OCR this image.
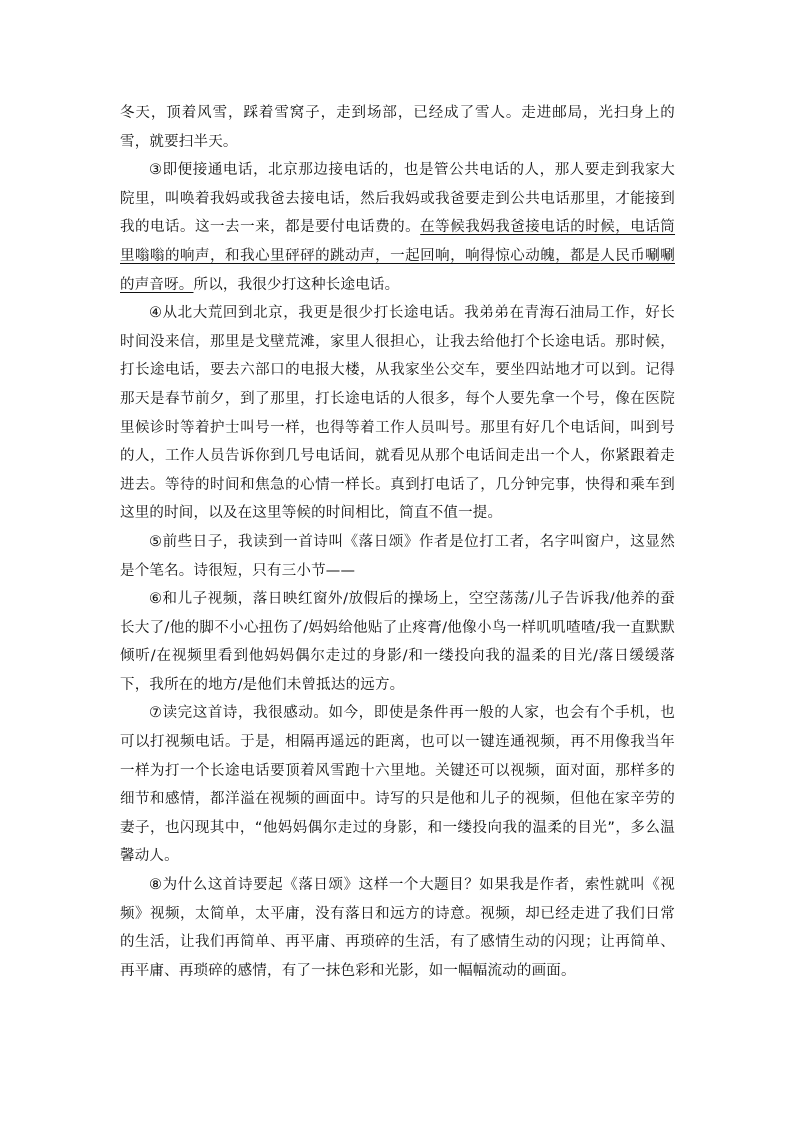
冬天，顶着风雪，踩着雪窝子，走到场部，已经成了雪人。走进邮局，光扫身上的雪，就要扫半天。

③即便接通电话，北京那边接电话的，也是管公共电话的人，那人要走到我家大院里，叫唤着我妈或我爸去接电话，然后我妈或我爸要走到公共电话那里，才能接到我的电话。这一去一来，都是要付电话费的。在等候我妈我爸接电话的时候，电话筒里嗡嗡的响声，和我心里砰砰的跳动声，一起回响，响得惊心动魄，都是人民币唰唰的声音呀。所以，我很少打这种长途电话。

④从北大荒回到北京，我更是很少打长途电话。我弟弟在青海石油局工作，好长时间没来信，那里是戈壁荒滩，家里人很担心，让我去给他打个长途电话。那时候，打长途电话，要去六部口的电报大楼，从我家坐公交车，要坐四站地才可以到。记得那天是春节前夕，到了那里，打长途电话的人很多，每个人要先拿一个号，像在医院里候诊时等着护士叫号一样，也得等着工作人员叫号。那里有好几个电话间，叫到号的人，工作人员告诉你到几号电话间，就看见从那个电话间走出一个人，你紧跟着走进去。等待的时间和焦急的心情一样长。真到打电话了，几分钟完事，快得和乘车到这里的时间，以及在这里等候的时间相比，简直不值一提。

⑤前些日子，我读到一首诗叫《落日颂》作者是位打工者，名字叫窗户，这显然是个笔名。诗很短，只有三小节——

⑥和儿子视频，落日映红窗外/放假后的操场上，空空荡荡/儿子告诉我/他养的蚕长大了/他的脚不小心扭伤了/妈妈给他贴了止疼膏/他像小鸟一样叽叽喳喳/我一直默默倾听/在视频里看到他妈妈偶尔走过的身影/和一缕投向我的温柔的目光/落日缓缓落下，我所在的地方/是他们未曾抵达的远方。

⑦读完这首诗，我很感动。如今，即使是条件再一般的人家，也会有个手机，也可以打视频电话。于是，相隔再遥远的距离，也可以一键连通视频，再不用像我当年一样为打一个长途电话要顶着风雪跑十六里地。关键还可以视频，面对面，那样多的细节和感情，都洋溢在视频的画面中。诗写的只是他和儿子的视频，但他在家辛劳的妻子，也闪现其中，“他妈妈偶尔走过的身影，和一缕投向我的温柔的目光”，多么温馨动人。

⑧为什么这首诗要起《落日颂》这样一个大题目？如果我是作者，索性就叫《视频》视频，太简单，太平庸，没有落日和远方的诗意。视频，却已经走进了我们日常的生活，让我们再简单、再平庸、再琐碎的生活，有了感情生动的闪现；让再简单、再平庸、再琐碎的感情，有了一抹色彩和光影，如一幅幅流动的画面。
